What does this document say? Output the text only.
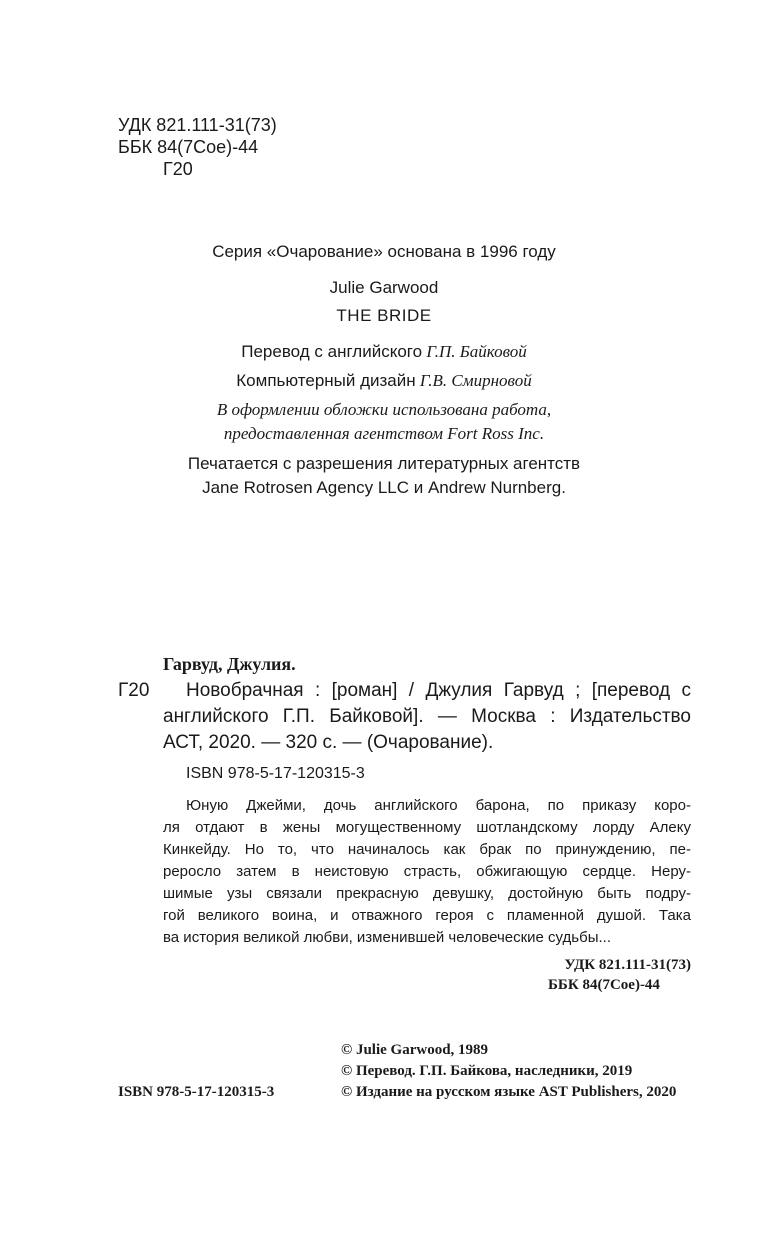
УДК 821.111-31(73)
ББК 84(7Сое)-44
Г20
Серия «Очарование» основана в 1996 году
Julie Garwood
THE BRIDE
Перевод с английского Г.П. Байковой
Компьютерный дизайн Г.В. Смирновой
В оформлении обложки использована работа,
предоставленная агентством Fort Ross Inc.
Печатается с разрешения литературных агентств
Jane Rotrosen Agency LLC и Andrew Nurnberg.
Гарвуд, Джулия.
Г20 Новобрачная : [роман] / Джулия Гарвуд ; [перевод с
английского Г.П. Байковой]. — Москва : Издательство
АСТ, 2020. — 320 с. — (Очарование).
ISBN 978-5-17-120315-3
Юную Джейми, дочь английского барона, по приказу коро-
ля отдают в жены могущественному шотландскому лорду Алеку
Кинкейду. Но то, что начиналось как брак по принуждению, пе-
реросло затем в неистовую страсть, обжигающую сердце. Неру-
шимые узы связали прекрасную девушку, достойную быть подру-
гой великого воина, и отважного героя с пламенной душой. Така
ва история великой любви, изменившей человеческие судьбы...
УДК 821.111-31(73)
ББК 84(7Сое)-44
© Julie Garwood, 1989
© Перевод. Г.П. Байкова, наследники, 2019
© Издание на русском языке AST Publishers, 2020
ISBN 978-5-17-120315-3
